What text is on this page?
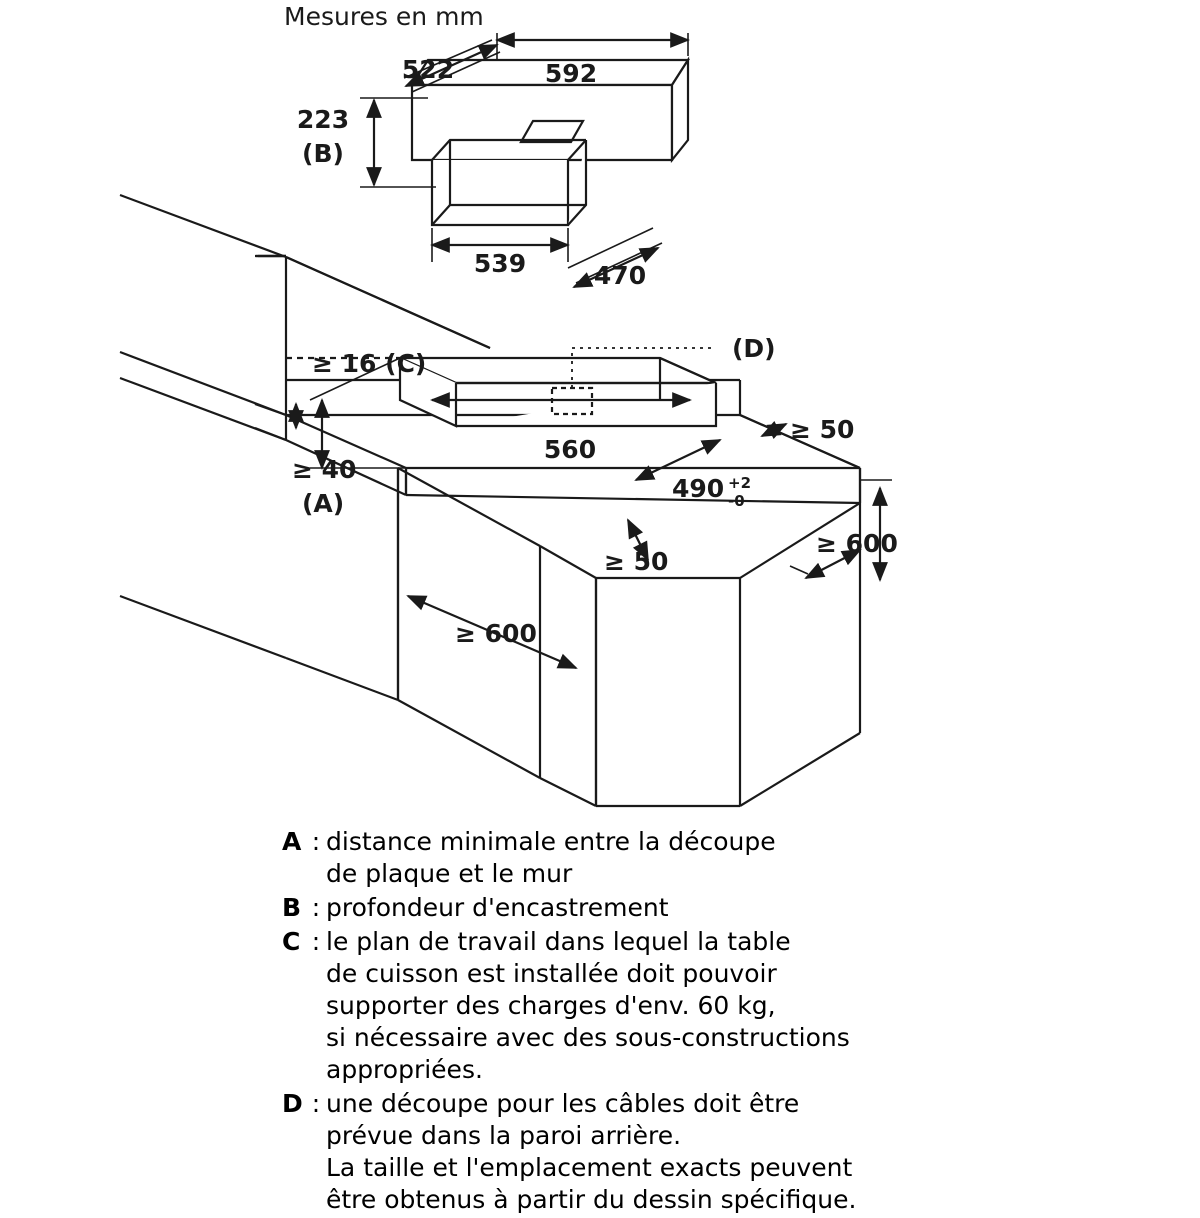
Mesures en mm
592
522
223
(B)
539	470
≥ 16 (C)
≥ 40
(A)
(D)
560
490 +2
-0
≥ 50
≥ 50
≥ 600
≥ 600
A : distance minimale entre la découpe
de plaque et le mur
B : profondeur d'encastrement
C : le plan de travail dans lequel la table
de cuisson est installée doit pouvoir
supporter des charges d'env. 60 kg,
si nécessaire avec des sous-constructions
appropriées.
D : une découpe pour les câbles doit être
prévue dans la paroi arrière.
La taille et l'emplacement exacts peuvent
être obtenus à partir du dessin spécifique.
